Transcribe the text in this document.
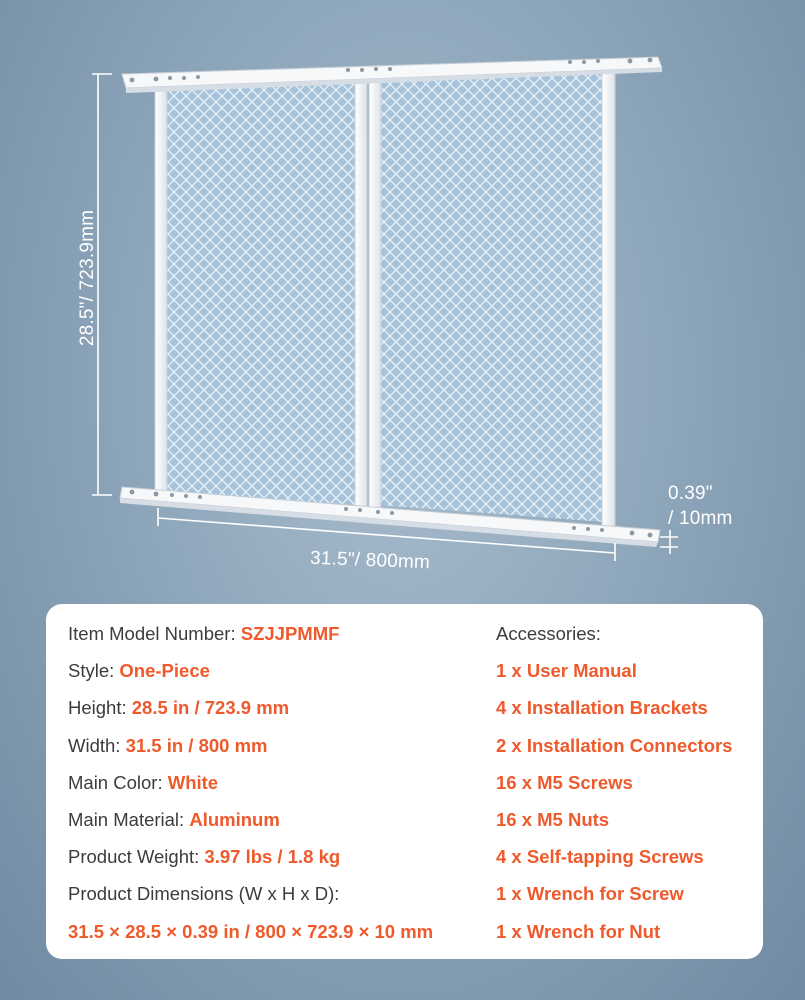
28.5"/ 723.9mm
31.5"/ 800mm
0.39"
/ 10mm
Item Model Number: SZJJPMMF
Style: One-Piece
Height: 28.5 in / 723.9 mm
Width: 31.5 in / 800 mm
Main Color: White
Main Material: Aluminum
Product Weight: 3.97 lbs / 1.8 kg
Product Dimensions (W x H x D):
31.5 × 28.5 × 0.39 in / 800 × 723.9 × 10 mm
Accessories:
1 x User Manual
4 x Installation Brackets
2 x Installation Connectors
16 x M5 Screws
16 x M5 Nuts
4 x Self-tapping Screws
1 x Wrench for Screw
1 x Wrench for Nut
